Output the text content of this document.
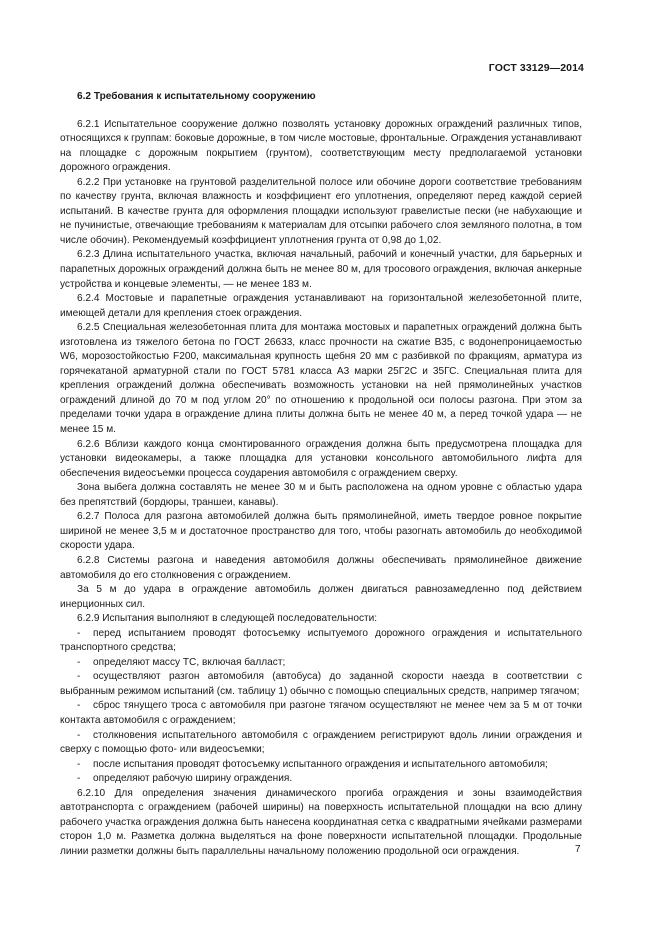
ГОСТ 33129—2014

6.2 Требования к испытательному сооружению

6.2.1 Испытательное сооружение должно позволять установку дорожных ограждений различных типов, относящихся к группам: боковые дорожные, в том числе мостовые, фронтальные. Ограждения устанавливают на площадке с дорожным покрытием (грунтом), соответствующим месту предполагаемой установки дорожного ограждения.

6.2.2 При установке на грунтовой разделительной полосе или обочине дороги соответствие требованиям по качеству грунта, включая влажность и коэффициент его уплотнения, определяют перед каждой серией испытаний. В качестве грунта для оформления площадки используют гравелистые пески (не набухающие и не пучинистые, отвечающие требованиям к материалам для отсыпки рабочего слоя земляного полотна, в том числе обочин). Рекомендуемый коэффициент уплотнения грунта от 0,98 до 1,02.

6.2.3 Длина испытательного участка, включая начальный, рабочий и конечный участки, для барьерных и парапетных дорожных ограждений должна быть не менее 80 м, для тросового ограждения, включая анкерные устройства и концевые элементы, — не менее 183 м.

6.2.4 Мостовые и парапетные ограждения устанавливают на горизонтальной железобетонной плите, имеющей детали для крепления стоек ограждения.

6.2.5 Специальная железобетонная плита для монтажа мостовых и парапетных ограждений должна быть изготовлена из тяжелого бетона по ГОСТ 26633, класс прочности на сжатие В35, с водонепроницаемостью W6, морозостойкостью F200, максимальная крупность щебня 20 мм с разбивкой по фракциям, арматура из горячекатаной арматурной стали по ГОСТ 5781 класса А3 марки 25Г2С и 35ГС. Специальная плита для крепления ограждений должна обеспечивать возможность установки на ней прямолинейных участков ограждений длиной до 70 м под углом 20° по отношению к продольной оси полосы разгона. При этом за пределами точки удара в ограждение длина плиты должна быть не менее 40 м, а перед точкой удара — не менее 15 м.

6.2.6 Вблизи каждого конца смонтированного ограждения должна быть предусмотрена площадка для установки видеокамеры, а также площадка для установки консольного автомобильного лифта для обеспечения видеосъемки процесса соударения автомобиля с ограждением сверху.

Зона выбега должна составлять не менее 30 м и быть расположена на одном уровне с областью удара без препятствий (бордюры, траншеи, канавы).

6.2.7 Полоса для разгона автомобилей должна быть прямолинейной, иметь твердое ровное покрытие шириной не менее 3,5 м и достаточное пространство для того, чтобы разогнать автомобиль до необходимой скорости удара.

6.2.8 Системы разгона и наведения автомобиля должны обеспечивать прямолинейное движение автомобиля до его столкновения с ограждением.

За 5 м до удара в ограждение автомобиль должен двигаться равнозамедленно под действием инерционных сил.

6.2.9 Испытания выполняют в следующей последовательности:

- перед испытанием проводят фотосъемку испытуемого дорожного ограждения и испытательного транспортного средства;

- определяют массу ТС, включая балласт;

- осуществляют разгон автомобиля (автобуса) до заданной скорости наезда в соответствии с выбранным режимом испытаний (см. таблицу 1) обычно с помощью специальных средств, например тягачом;

- сброс тянущего троса с автомобиля при разгоне тягачом осуществляют не менее чем за 5 м от точки контакта автомобиля с ограждением;

- столкновения испытательного автомобиля с ограждением регистрируют вдоль линии ограждения и сверху с помощью фото- или видеосъемки;

- после испытания проводят фотосъемку испытанного ограждения и испытательного автомобиля;

- определяют рабочую ширину ограждения.

6.2.10 Для определения значения динамического прогиба ограждения и зоны взаимодействия автотранспорта с ограждением (рабочей ширины) на поверхность испытательной площадки на всю длину рабочего участка ограждения должна быть нанесена координатная сетка с квадратными ячейками размерами сторон 1,0 м. Разметка должна выделяться на фоне поверхности испытательной площадки. Продольные линии разметки должны быть параллельны начальному положению продольной оси ограждения.	7
